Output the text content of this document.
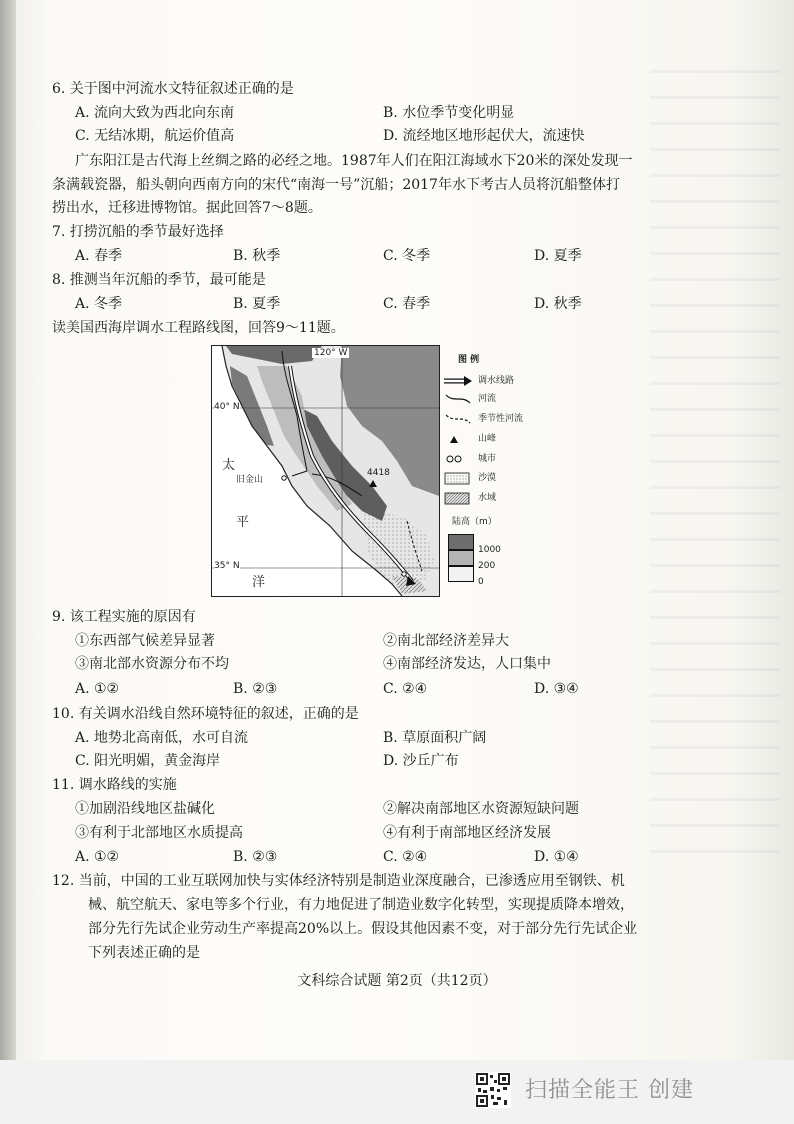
6. 关于图中河流水文特征叙述正确的是
A. 流向大致为西北向东南	B. 水位季节变化明显
C. 无结冰期，航运价值高	D. 流经地区地形起伏大，流速快
广东阳江是古代海上丝绸之路的必经之地。1987年人们在阳江海域水下20米的深处发现一
条满载瓷器，船头朝向西南方向的宋代“南海一号”沉船；2017年水下考古人员将沉船整体打
捞出水，迁移进博物馆。据此回答7～8题。
7. 打捞沉船的季节最好选择
A. 春季	B. 秋季	C. 冬季	D. 夏季
8. 推测当年沉船的季节，最可能是
A. 冬季	B. 夏季	C. 春季	D. 秋季
读美国西海岸调水工程路线图，回答9～11题。
120° W
40° N
35° N
太
平
洋
旧金山
4418
图 例
调水线路
河流
季节性河流
山峰
城市
沙漠
水域
陆高（m）
1000
200
0
9. 该工程实施的原因有
①东西部气候差异显著	②南北部经济差异大
③南北部水资源分布不均	④南部经济发达，人口集中
A. ①②	B. ②③	C. ②④	D. ③④
10. 有关调水沿线自然环境特征的叙述，正确的是
A. 地势北高南低，水可自流	B. 草原面积广阔
C. 阳光明媚，黄金海岸	D. 沙丘广布
11. 调水路线的实施
①加剧沿线地区盐碱化	②解决南部地区水资源短缺问题
③有利于北部地区水质提高	④有利于南部地区经济发展
A. ①②	B. ②③	C. ②④	D. ①④
12. 当前，中国的工业互联网加快与实体经济特别是制造业深度融合，已渗透应用至钢铁、机
械、航空航天、家电等多个行业，有力地促进了制造业数字化转型，实现提质降本增效，
部分先行先试企业劳动生产率提高20%以上。假设其他因素不变，对于部分先行先试企业
下列表述正确的是
文科综合试题 第2页（共12页）
扫描全能王 创建
